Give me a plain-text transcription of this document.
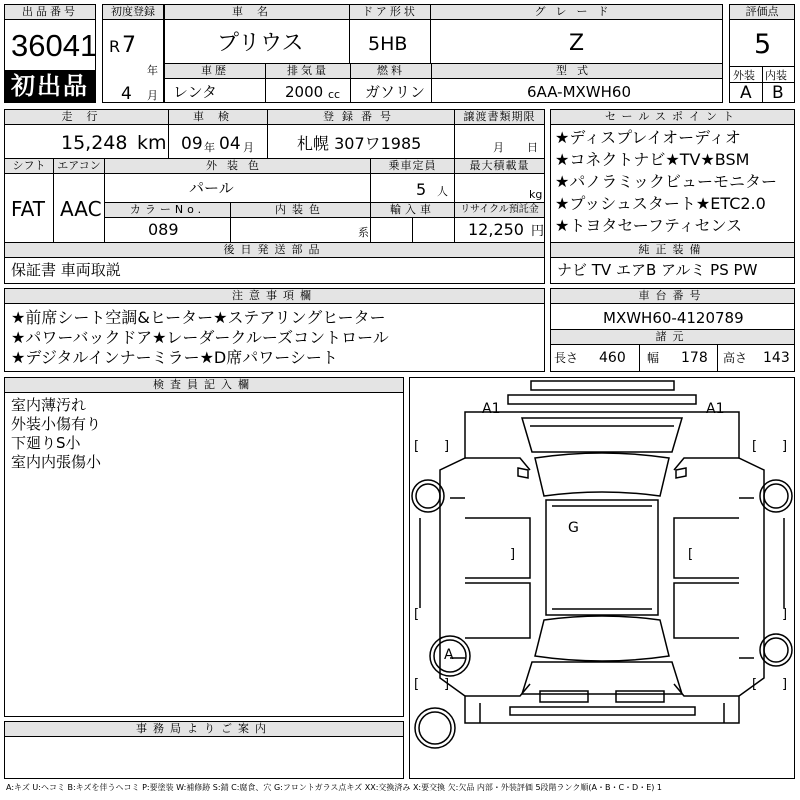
出品番号
36041
初出品
初度登録
R 7
年
4 月
車名	ドア形状	グレード
プリウス	5HB	Z
車歴	排気量	燃料	型式
レンタ	2000 cc ガソリン	6AA-MXWH60
評価点
5
外装 内装
A B
走行	車検	登録番号	譲渡書類期限
15,248 km 09 年 04 月	札幌 307ワ1985	月 日
シフト	エアコン	外装色	乗車定員	最大積載量
FAT AAC
パール	5 人	kg
カラーNo.	内装色	輸入車	リサイクル預託金
089	系	12,250 円
後日発送部品
保証書 車両取説
セールスポイント
★ディスプレイオーディオ
★コネクトナビ★TV★BSM
★パノラミックビューモニター
★プッシュスタート★ETC2.0
★トヨタセーフティセンス
純正装備
ナビ TV エアB アルミ PS PW
注意事項欄
★前席シート空調&ヒーター★ステアリングヒーター
★パワーバックドア★レーダークルーズコントロール
★デジタルインナーミラー★D席パワーシート
車台番号
MXWH60-4120789
諸元
長さ 460 幅 178 高さ 143
検査員記入欄
室内薄汚れ
外装小傷有り
下廻りS小
室内内張傷小
事務局よりご案内
A1	A1
G
A
[ ]	[ ]
[ ]	[ ]
[
]	[
]
A:キズ U:ヘコミ B:キズを伴うヘコミ P:要塗装 W:補修跡 S:錆 C:腐食、穴 G:フロントガラス点キズ XX:交換済み X:要交換 欠:欠品 内部・外装評価 5段階ランク順(A・B・C・D・E) 1
